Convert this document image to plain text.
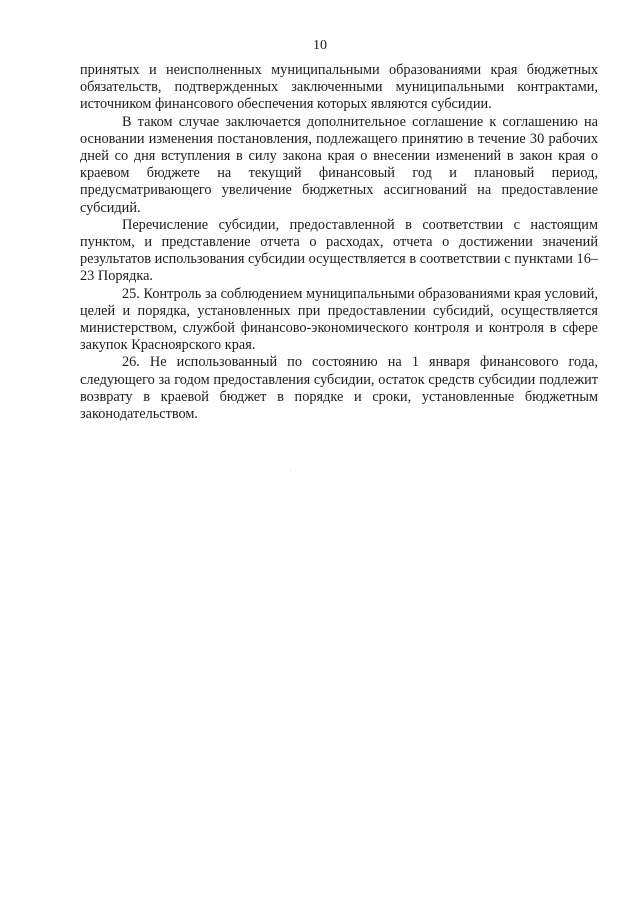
10

принятых и неисполненных муниципальными образованиями края бюджетных обязательств, подтвержденных заключенными муниципальными контрактами, источником финансового обеспечения которых являются субсидии.

В таком случае заключается дополнительное соглашение к соглашению на основании изменения постановления, подлежащего принятию в течение 30 рабочих дней со дня вступления в силу закона края о внесении изменений в закон края о краевом бюджете на текущий финансовый год и плановый период, предусматривающего увеличение бюджетных ассигнований на предоставление субсидий.

Перечисление субсидии, предоставленной в соответствии с настоящим пунктом, и представление отчета о расходах, отчета о достижении значений результатов использования субсидии осуществляется в соответствии с пунктами 16–23 Порядка.

25. Контроль за соблюдением муниципальными образованиями края условий, целей и порядка, установленных при предоставлении субсидий, осуществляется министерством, службой финансово-экономического контроля и контроля в сфере закупок Красноярского края.

26. Не использованный по состоянию на 1 января финансового года, следующего за годом предоставления субсидии, остаток средств субсидии подлежит возврату в краевой бюджет в порядке и сроки, установленные бюджетным законодательством.
